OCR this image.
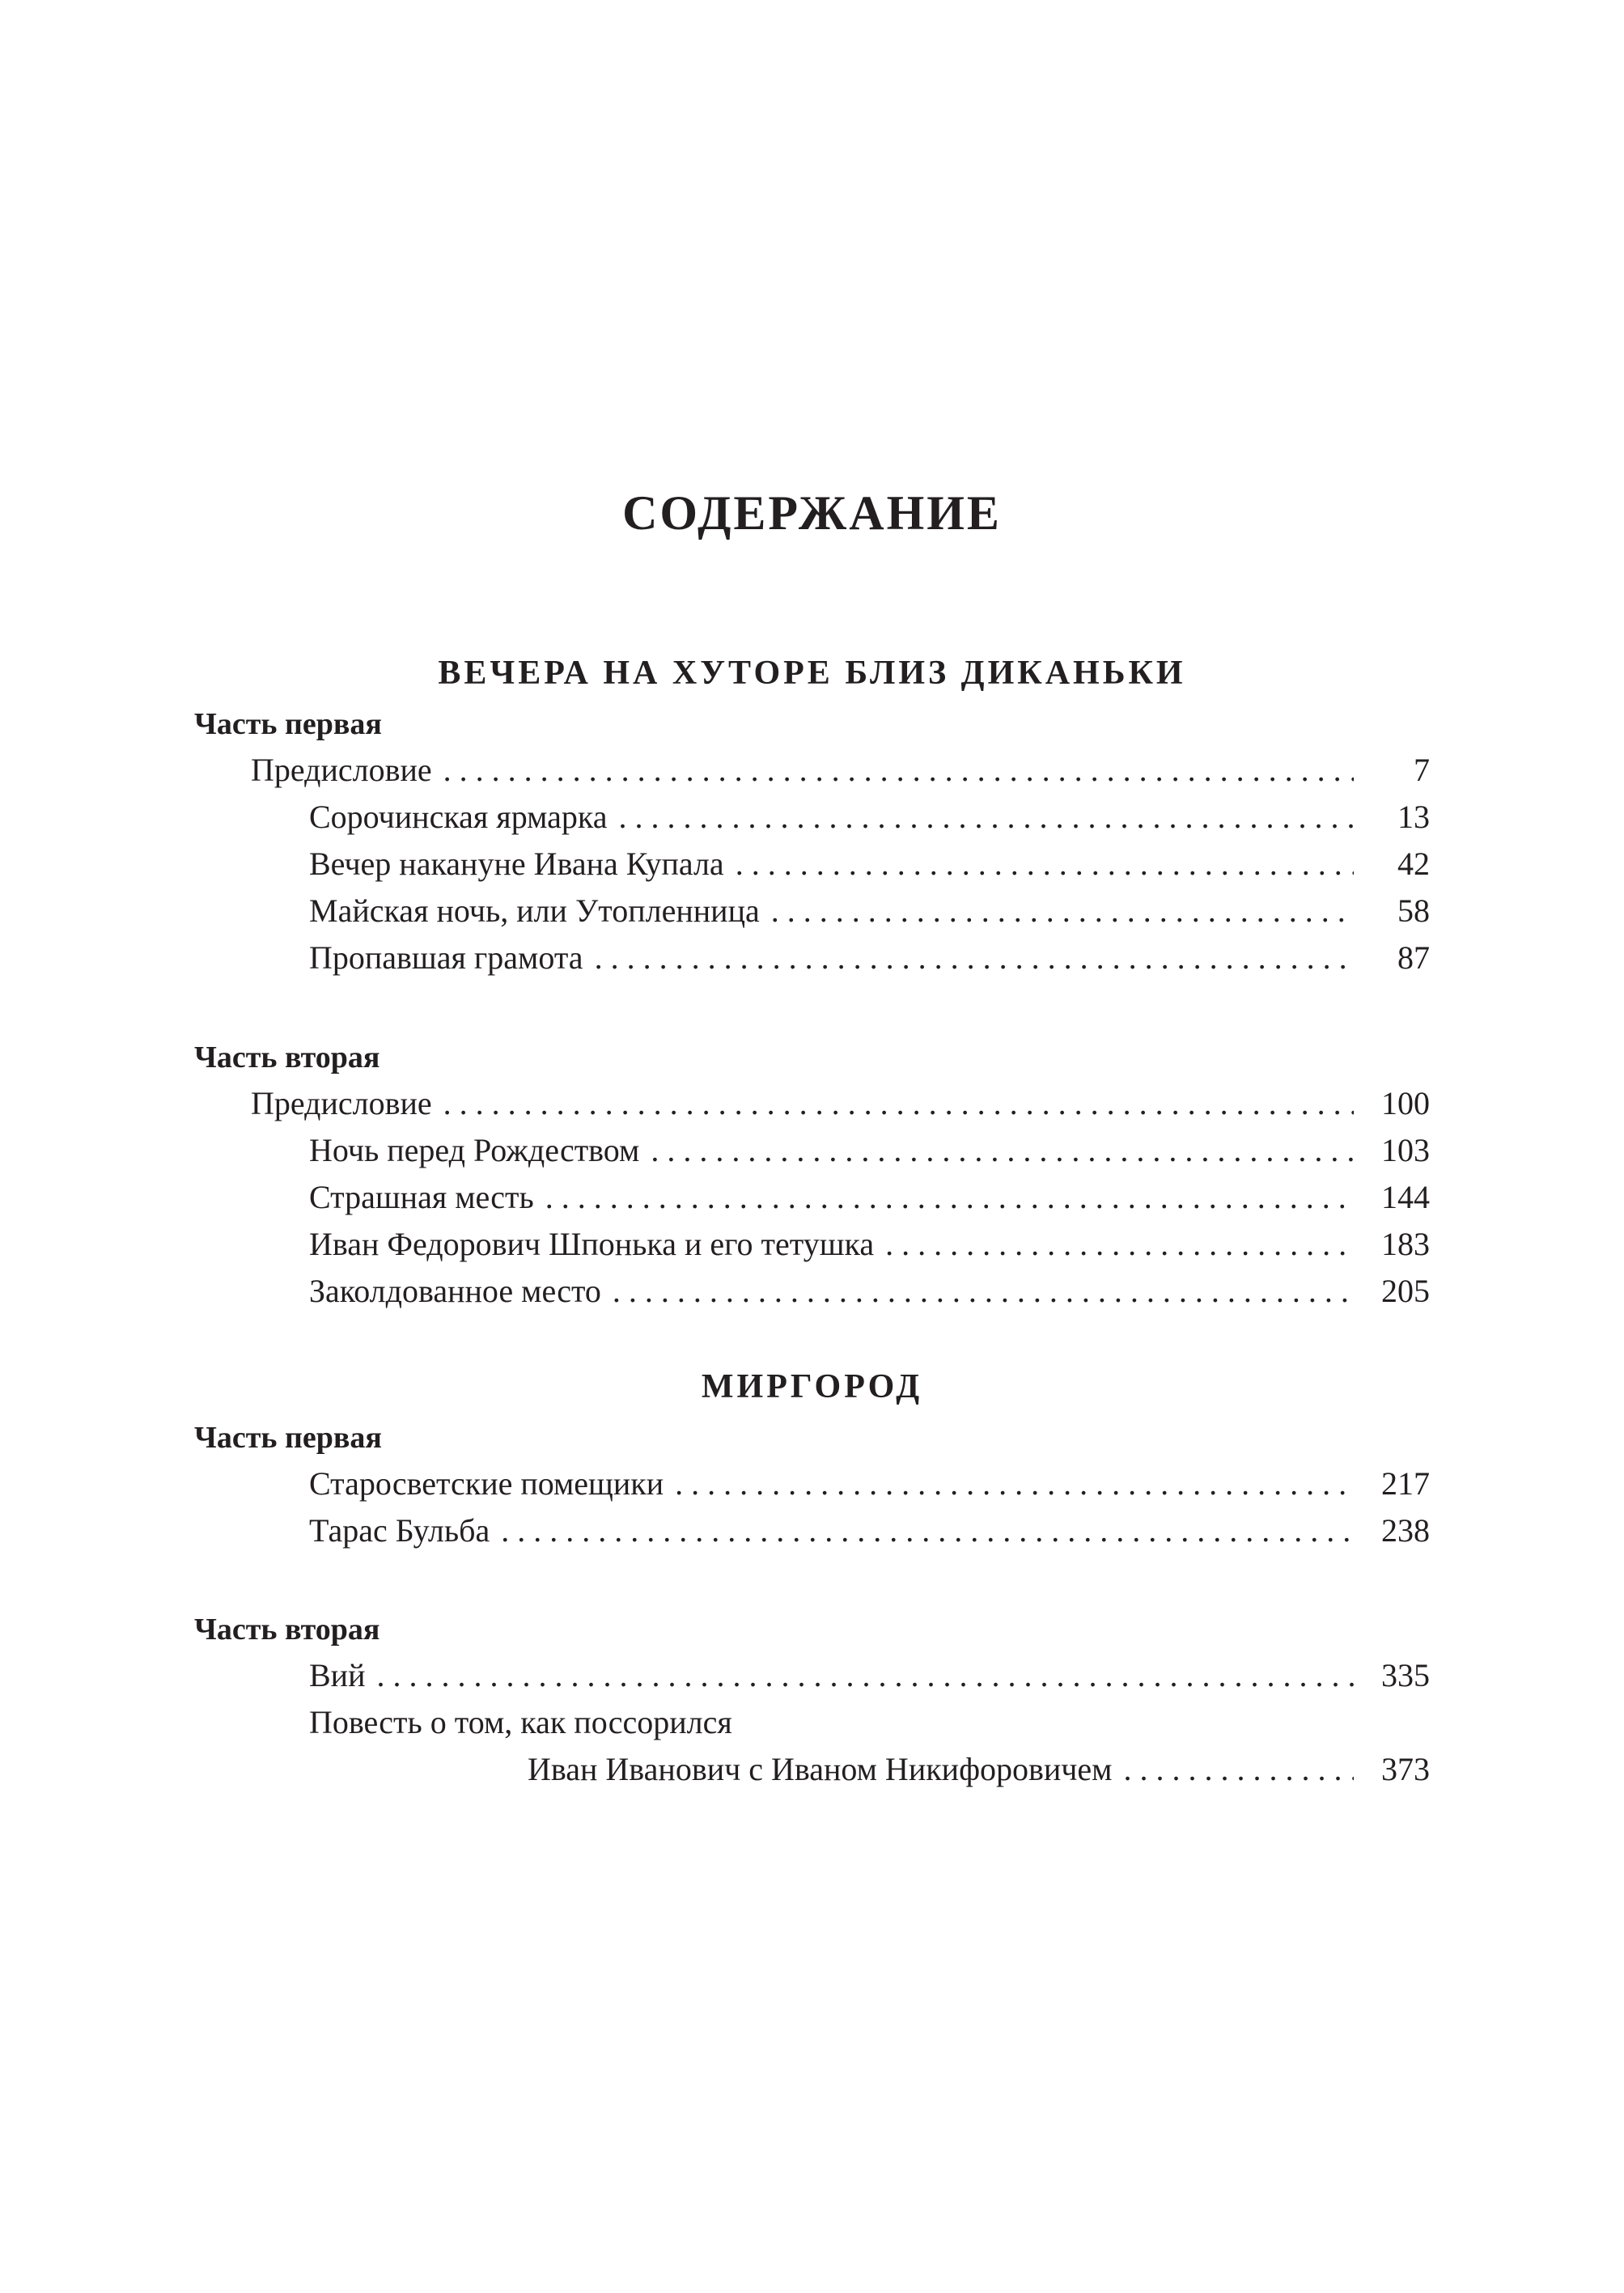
СОДЕРЖАНИЕ
ВЕЧЕРА НА ХУТОРЕ БЛИЗ ДИКАНЬКИ
Часть первая
Предисловие . . .	7
Сорочинская ярмарка . . .	13
Вечер накануне Ивана Купала . . .	42
Майская ночь, или Утопленница . . .	58
Пропавшая грамота . . .	87
Часть вторая
Предисловие . . .	100
Ночь перед Рождеством . . .	103
Страшная месть . . .	144
Иван Федорович Шпонька и его тетушка . . .	183
Заколдованное место . . .	205
МИРГОРОД
Часть первая
Старосветские помещики . . .	217
Тарас Бульба . . .	238
Часть вторая
Вий . . .	335
Повесть о том, как поссорился
Иван Иванович с Иваном Никифоровичем . . .	373
